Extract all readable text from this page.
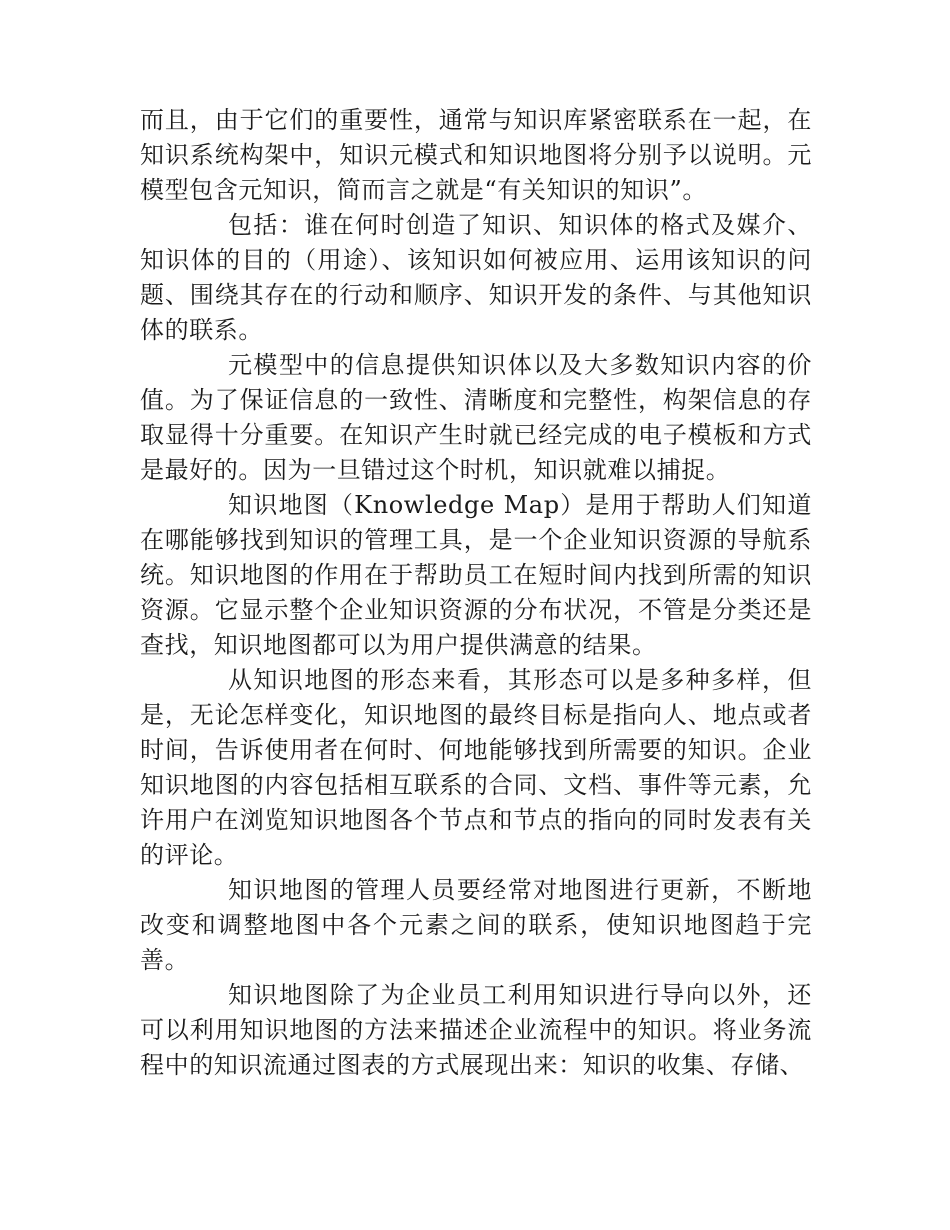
而且，由于它们的重要性，通常与知识库紧密联系在一起，在知识系统构架中，知识元模式和知识地图将分别予以说明。元模型包含元知识，简而言之就是“有关知识的知识”。

包括：谁在何时创造了知识、知识体的格式及媒介、知识体的目的（用途）、该知识如何被应用、运用该知识的问题、围绕其存在的行动和顺序、知识开发的条件、与其他知识体的联系。

元模型中的信息提供知识体以及大多数知识内容的价值。为了保证信息的一致性、清晰度和完整性，构架信息的存取显得十分重要。在知识产生时就已经完成的电子模板和方式是最好的。因为一旦错过这个时机，知识就难以捕捉。

知识地图（Knowledge Map）是用于帮助人们知道在哪能够找到知识的管理工具，是一个企业知识资源的导航系统。知识地图的作用在于帮助员工在短时间内找到所需的知识资源。它显示整个企业知识资源的分布状况，不管是分类还是查找，知识地图都可以为用户提供满意的结果。

从知识地图的形态来看，其形态可以是多种多样，但是，无论怎样变化，知识地图的最终目标是指向人、地点或者时间，告诉使用者在何时、何地能够找到所需要的知识。企业知识地图的内容包括相互联系的合同、文档、事件等元素，允许用户在浏览知识地图各个节点和节点的指向的同时发表有关的评论。

知识地图的管理人员要经常对地图进行更新，不断地改变和调整地图中各个元素之间的联系，使知识地图趋于完善。

知识地图除了为企业员工利用知识进行导向以外，还可以利用知识地图的方法来描述企业流程中的知识。将业务流程中的知识流通过图表的方式展现出来：知识的收集、存储、
